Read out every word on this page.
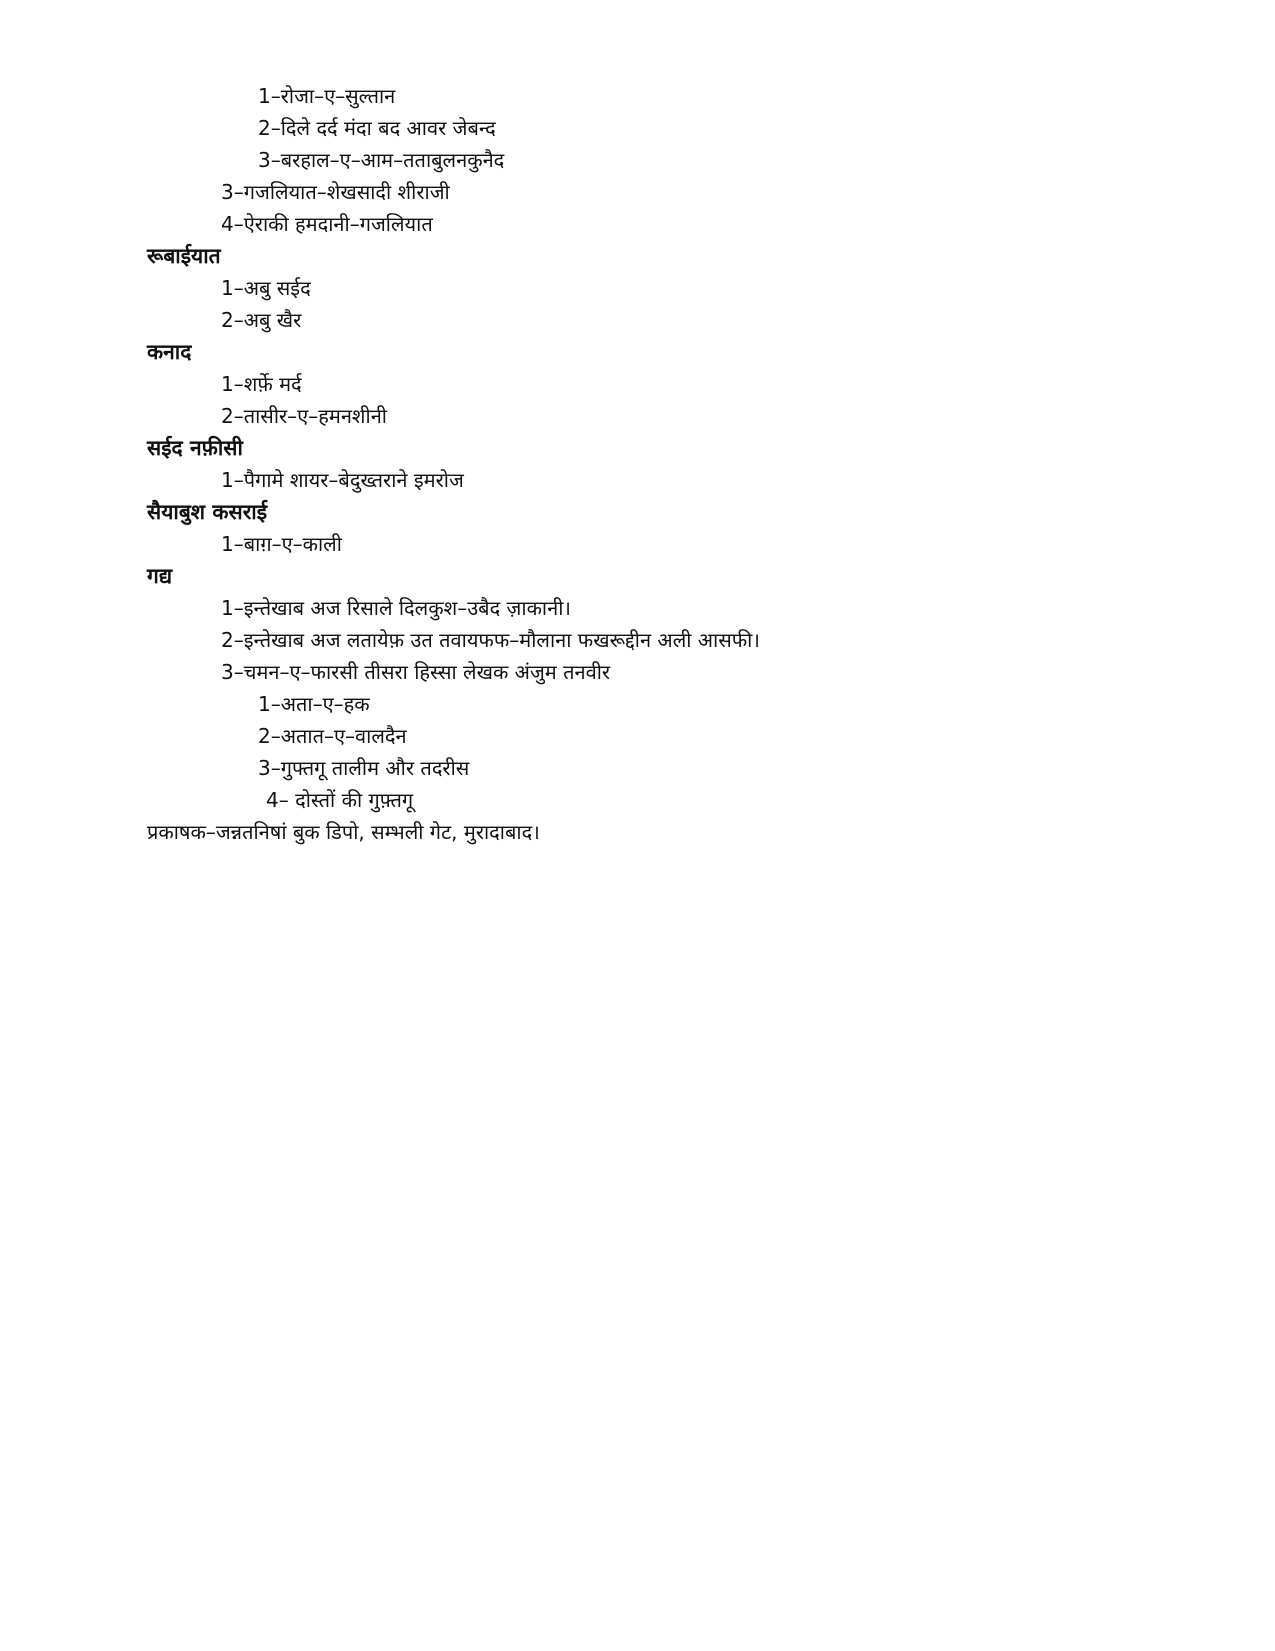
1–रोजा–ए–सुल्तान
2–दिले दर्द मंदा बद आवर जेबन्द
3–बरहाल–ए–आम–तताबुलनकुनैद
3–गजलियात–शेखसादी शीराजी
4–ऐराकी हमदानी–गजलियात
रूबाईयात
1–अबु सईद
2–अबु खैर
कनाद
1–शर्फ़े मर्द
2–तासीर–ए–हमनशीनी
सईद नफ़ीसी
1–पैगामे शायर–बेदुख्तराने इमरोज
सैयाबुश कसराई
1–बाग़–ए–काली
गद्य
1–इन्तेखाब अज रिसाले दिलकुश–उबैद ज़ाकानी।
2–इन्तेखाब अज लतायेफ़ उत तवायफफ–मौलाना फखरूद्दीन अली आसफी।
3–चमन–ए–फारसी तीसरा हिस्सा लेखक अंजुम तनवीर
1–अता–ए–हक
2–अतात–ए–वालदैन
3–गुफ्तगू तालीम और तदरीस
4– दोस्तों की गुफ़्तगू
प्रकाषक–जन्नतनिषां बुक डिपो, सम्भली गेट, मुरादाबाद।
